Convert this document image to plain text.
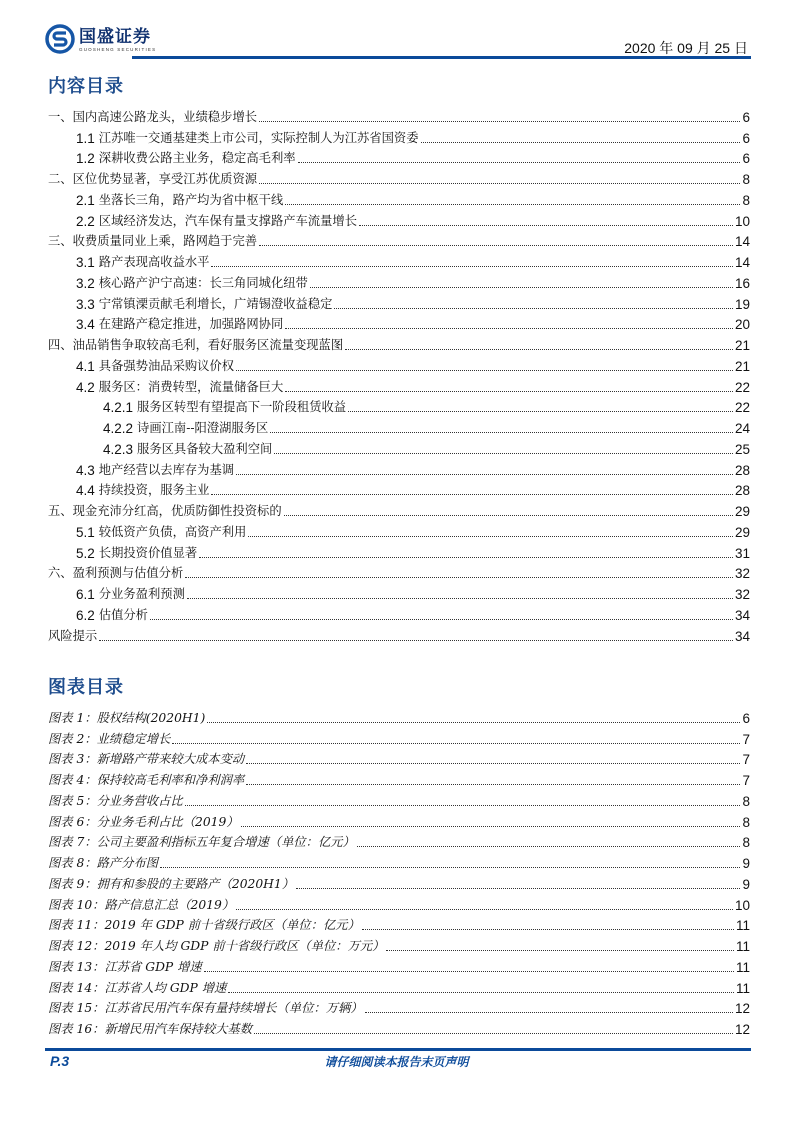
国盛证券
GUOSHENG SECURITIES	2020 年 09 月 25 日
内容目录
一、国内高速公路龙头，业绩稳步增长	6
1.1 江苏唯一交通基建类上市公司，实际控制人为江苏省国资委	6
1.2 深耕收费公路主业务，稳定高毛利率	6
二、区位优势显著，享受江苏优质资源	8
2.1 坐落长三角，路产均为省中枢干线	8
2.2 区域经济发达，汽车保有量支撑路产车流量增长	10
三、收费质量同业上乘，路网趋于完善	14
3.1 路产表现高收益水平	14
3.2 核心路产沪宁高速：长三角同城化纽带	16
3.3 宁常镇溧贡献毛利增长，广靖锡澄收益稳定	19
3.4 在建路产稳定推进，加强路网协同	20
四、油品销售争取较高毛利，看好服务区流量变现蓝图	21
4.1 具备强势油品采购议价权	21
4.2 服务区：消费转型，流量储备巨大	22
4.2.1 服务区转型有望提高下一阶段租赁收益	22
4.2.2 诗画江南--阳澄湖服务区	24
4.2.3 服务区具备较大盈利空间	25
4.3 地产经营以去库存为基调	28
4.4 持续投资，服务主业	28
五、现金充沛分红高，优质防御性投资标的	29
5.1 较低资产负债，高资产利用	29
5.2 长期投资价值显著	31
六、盈利预测与估值分析	32
6.1 分业务盈利预测	32
6.2 估值分析	34
风险提示	34
图表目录
图表 1：股权结构(2020H1)	6
图表 2：业绩稳定增长	7
图表 3：新增路产带来较大成本变动	7
图表 4：保持较高毛利率和净利润率	7
图表 5：分业务营收占比	8
图表 6：分业务毛利占比（2019）	8
图表 7：公司主要盈利指标五年复合增速（单位：亿元）	8
图表 8：路产分布图	9
图表 9：拥有和参股的主要路产（2020H1）	9
图表 10：路产信息汇总（2019）	10
图表 11：2019 年 GDP 前十省级行政区（单位：亿元）	11
图表 12：2019 年人均 GDP 前十省级行政区（单位：万元）	11
图表 13：江苏省 GDP 增速	11
图表 14：江苏省人均 GDP 增速	11
图表 15：江苏省民用汽车保有量持续增长（单位：万辆）	12
图表 16：新增民用汽车保持较大基数	12
P.3	请仔细阅读本报告末页声明
